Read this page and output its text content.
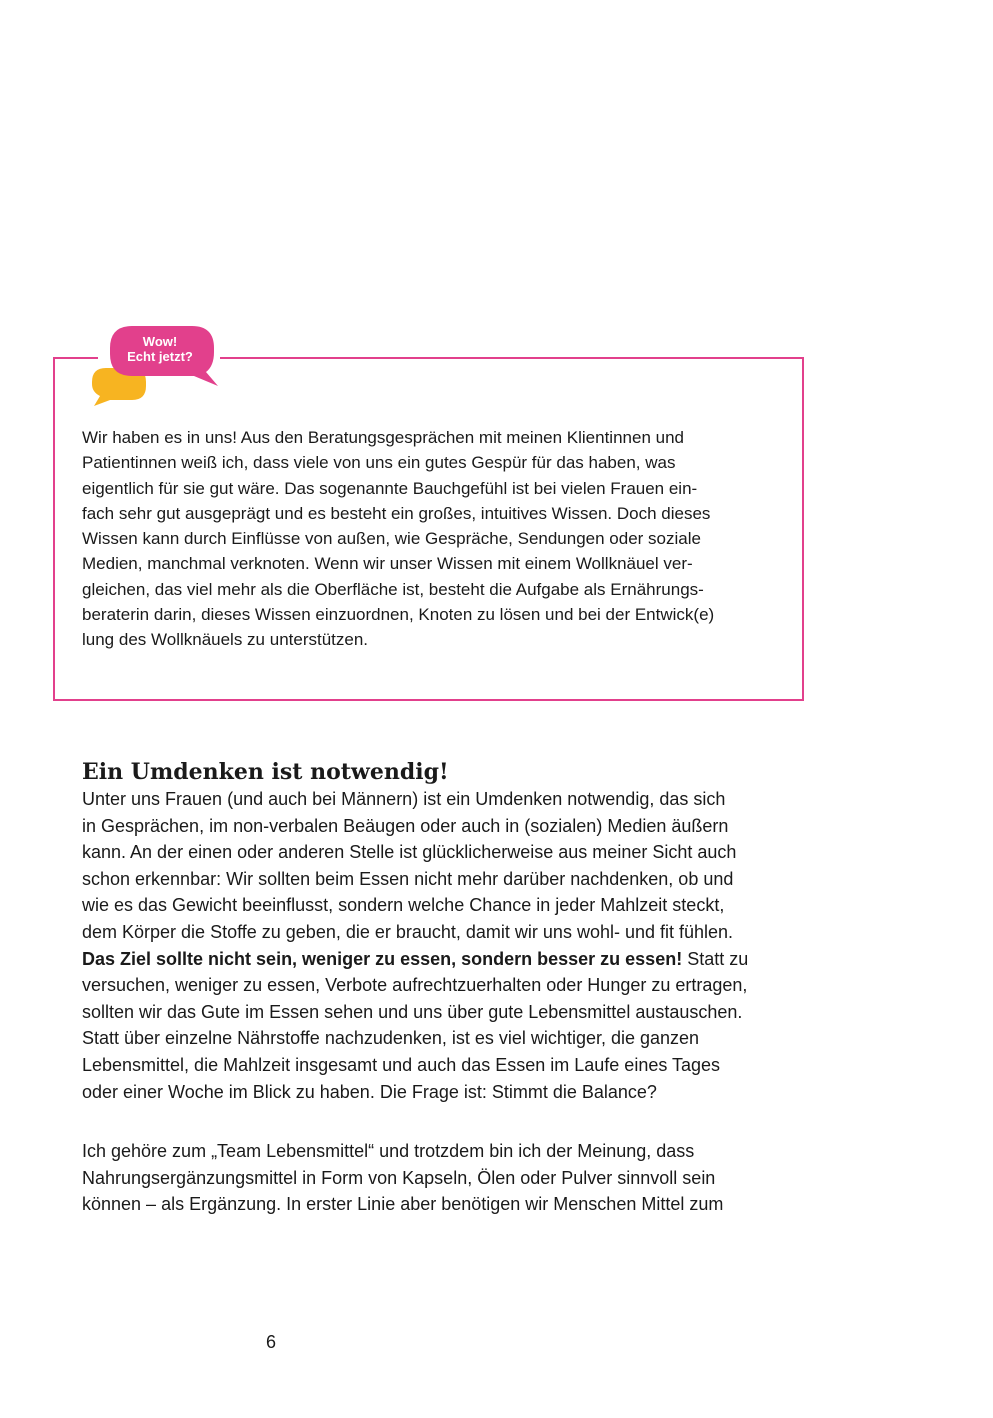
Wow!
Echt jetzt?
Wir haben es in uns! Aus den Beratungsgesprächen mit meinen Klientinnen und
Patientinnen weiß ich, dass viele von uns ein gutes Gespür für das haben, was
eigentlich für sie gut wäre. Das sogenannte Bauchgefühl ist bei vielen Frauen ein-
fach sehr gut ausgeprägt und es besteht ein großes, intuitives Wissen. Doch dieses
Wissen kann durch Einflüsse von außen, wie Gespräche, Sendungen oder soziale
Medien, manchmal verknoten. Wenn wir unser Wissen mit einem Wollknäuel ver-
gleichen, das viel mehr als die Oberfläche ist, besteht die Aufgabe als Ernährungs-
beraterin darin, dieses Wissen einzuordnen, Knoten zu lösen und bei der Entwick(e)
lung des Wollknäuels zu unterstützen.
Ein Umdenken ist notwendig!
Unter uns Frauen (und auch bei Männern) ist ein Umdenken notwendig, das sich
in Gesprächen, im non-verbalen Beäugen oder auch in (sozialen) Medien äußern
kann. An der einen oder anderen Stelle ist glücklicherweise aus meiner Sicht auch
schon erkennbar: Wir sollten beim Essen nicht mehr darüber nachdenken, ob und
wie es das Gewicht beeinflusst, sondern welche Chance in jeder Mahlzeit steckt,
dem Körper die Stoffe zu geben, die er braucht, damit wir uns wohl- und fit fühlen.
Das Ziel sollte nicht sein, weniger zu essen, sondern besser zu essen! Statt zu
versuchen, weniger zu essen, Verbote aufrechtzuerhalten oder Hunger zu ertragen,
sollten wir das Gute im Essen sehen und uns über gute Lebensmittel austauschen.
Statt über einzelne Nährstoffe nachzudenken, ist es viel wichtiger, die ganzen
Lebensmittel, die Mahlzeit insgesamt und auch das Essen im Laufe eines Tages
oder einer Woche im Blick zu haben. Die Frage ist: Stimmt die Balance?
Ich gehöre zum „Team Lebensmittel“ und trotzdem bin ich der Meinung, dass
Nahrungsergänzungsmittel in Form von Kapseln, Ölen oder Pulver sinnvoll sein
können – als Ergänzung. In erster Linie aber benötigen wir Menschen Mittel zum
6
